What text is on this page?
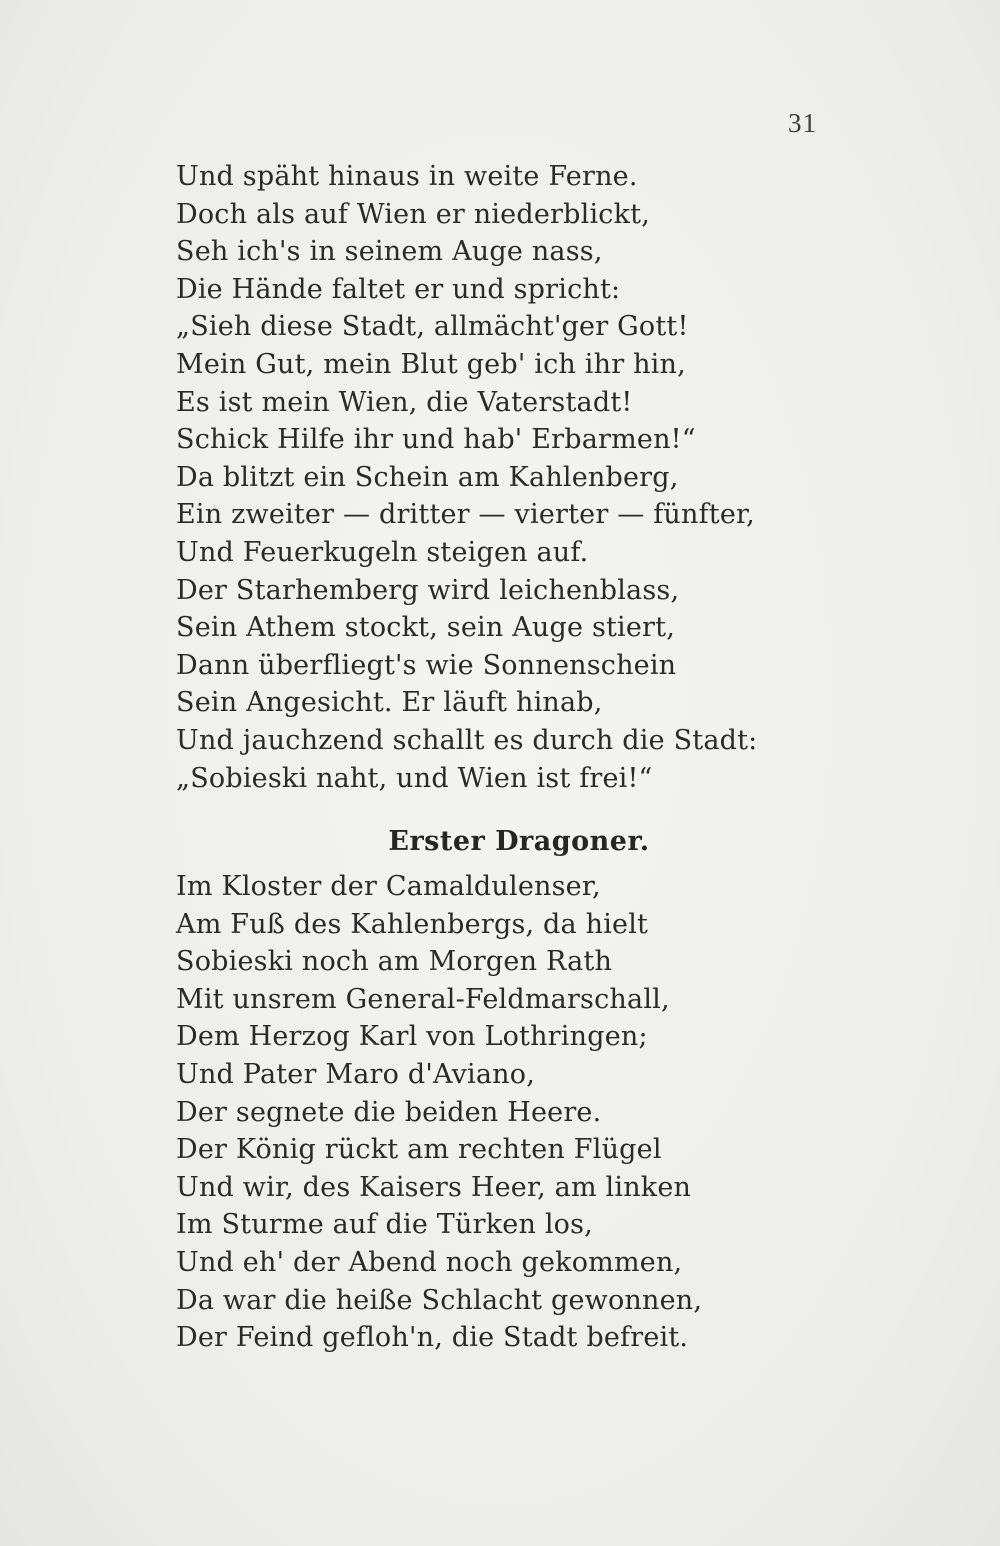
31
Und späht hinaus in weite Ferne.
Doch als auf Wien er niederblickt,
Seh ich's in seinem Auge nass,
Die Hände faltet er und spricht:
„Sieh diese Stadt, allmächt'ger Gott!
Mein Gut, mein Blut geb' ich ihr hin,
Es ist mein Wien, die Vaterstadt!
Schick Hilfe ihr und hab' Erbarmen!“
Da blitzt ein Schein am Kahlenberg,
Ein zweiter — dritter — vierter — fünfter,
Und Feuerkugeln steigen auf.
Der Starhemberg wird leichenblass,
Sein Athem stockt, sein Auge stiert,
Dann überfliegt's wie Sonnenschein
Sein Angesicht. Er läuft hinab,
Und jauchzend schallt es durch die Stadt:
„Sobieski naht, und Wien ist frei!“
Erster Dragoner.
Im Kloster der Camaldulenser,
Am Fuß des Kahlenbergs, da hielt
Sobieski noch am Morgen Rath
Mit unsrem General-Feldmarschall,
Dem Herzog Karl von Lothringen;
Und Pater Maro d'Aviano,
Der segnete die beiden Heere.
Der König rückt am rechten Flügel
Und wir, des Kaisers Heer, am linken
Im Sturme auf die Türken los,
Und eh' der Abend noch gekommen,
Da war die heiße Schlacht gewonnen,
Der Feind gefloh'n, die Stadt befreit.
